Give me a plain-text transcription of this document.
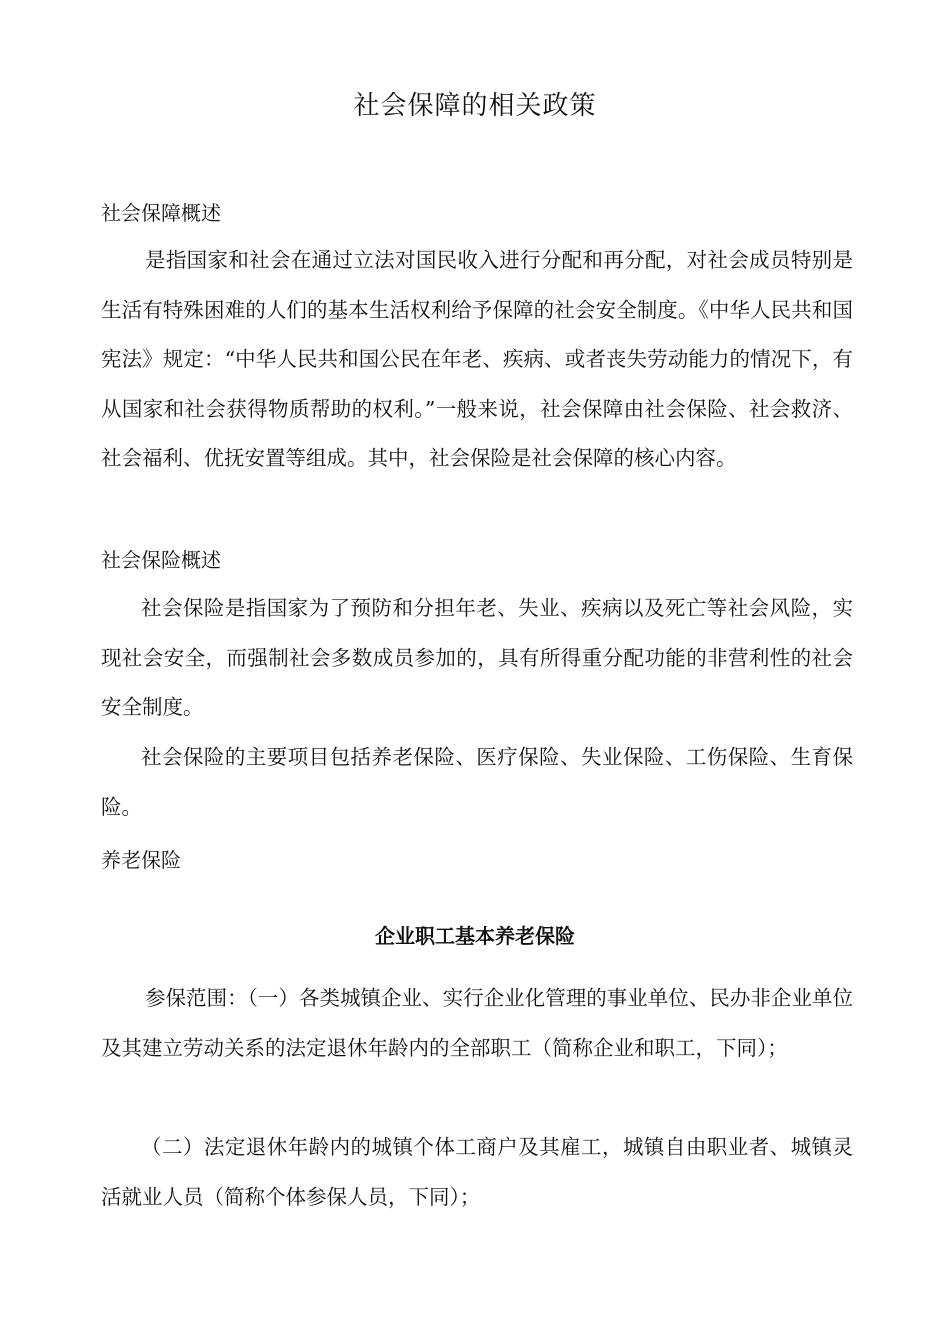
社会保障的相关政策
社会保障概述
是指国家和社会在通过立法对国民收入进行分配和再分配，对社会成员特别是生活有特殊困难的人们的基本生活权利给予保障的社会安全制度。《中华人民共和国宪法》规定：“中华人民共和国公民在年老、疾病、或者丧失劳动能力的情况下，有从国家和社会获得物质帮助的权利。”一般来说，社会保障由社会保险、社会救济、社会福利、优抚安置等组成。其中，社会保险是社会保障的核心内容。
社会保险概述
社会保险是指国家为了预防和分担年老、失业、疾病以及死亡等社会风险，实现社会安全，而强制社会多数成员参加的，具有所得重分配功能的非营利性的社会安全制度。
社会保险的主要项目包括养老保险、医疗保险、失业保险、工伤保险、生育保险。
养老保险
企业职工基本养老保险
参保范围：（一）各类城镇企业、实行企业化管理的事业单位、民办非企业单位及其建立劳动关系的法定退休年龄内的全部职工（简称企业和职工，下同）；
（二）法定退休年龄内的城镇个体工商户及其雇工，城镇自由职业者、城镇灵活就业人员（简称个体参保人员，下同）；
